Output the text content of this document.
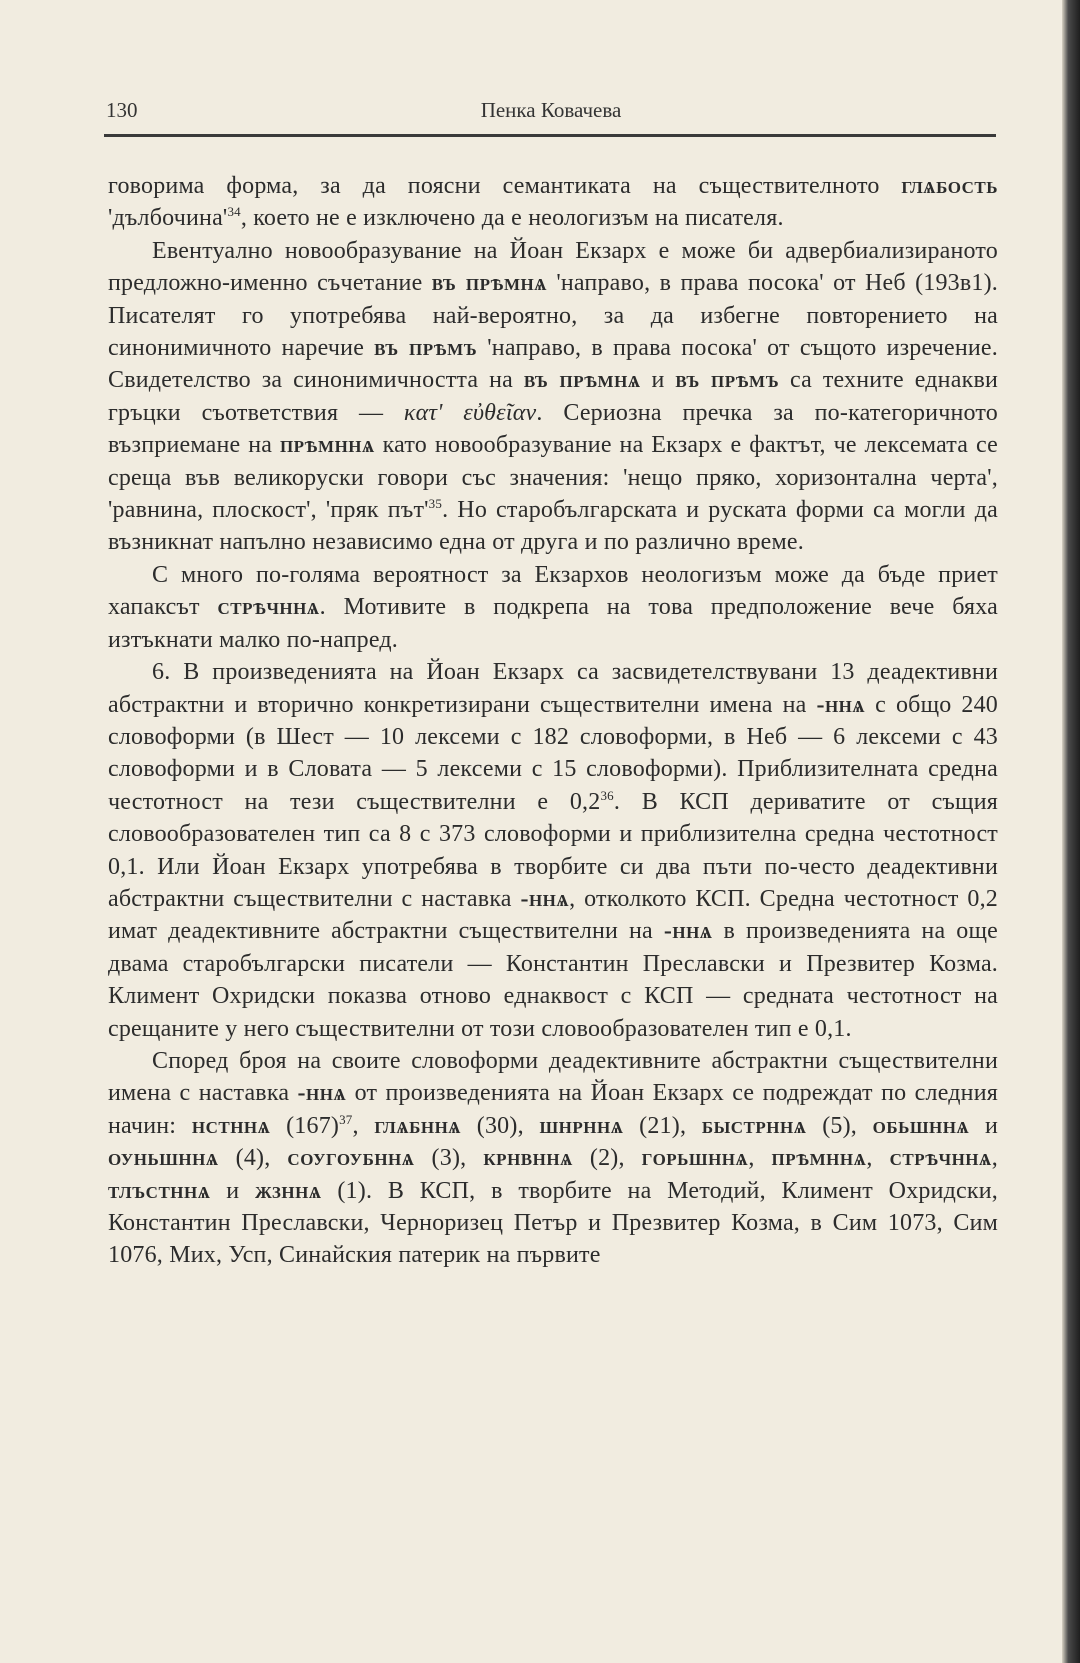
130	Пенка Ковачева

говорима форма, за да поясни семантиката на съществителното глѧбость '$дълбочина'^{34}$, което не е изключено да е неологизъм на писателя.

Евентуално новообразувание на Йоан Екзарх е може би адвербиализираното предложно-именно съчетание въ прѣмнѧ 'направо, в права посока' от Неб (193в1). Писателят го употребява най-вероятно, за да избегне повторението на синонимичното наречие въ прѣмъ 'направо, в права посока' от същото изречение. Свидетелство за синонимичността на въ прѣмнѧ и въ прѣмъ са техните еднакви гръцки съответствия — κατ' εὐθεῖαν. Сериозна пречка за по-категоричното възприемане на прѣмннѧ като новообразувание на Екзарх е фактът, че лексемата се среща във великоруски говори със значения: 'нещо пряко, хоризонтална черта', 'равнина, плоскост', 'пряк $път'^{35}$. Но старобългарската и руската форми са могли да възникнат напълно независимо една от друга и по различно време.

С много по-голяма вероятност за Екзархов неологизъм може да бъде приет хапаксът стрѣчннѧ. Мотивите в подкрепа на това предположение вече бяха изтъкнати малко по-напред.

6. В произведенията на Йоан Екзарх са засвидетелствувани 13 деадективни абстрактни и вторично конкретизирани съществителни имена на -ннѧ с общо 240 словоформи (в Шест — 10 лексеми с 182 словоформи, в Неб — 6 лексеми с 43 словоформи и в Словата — 5 лексеми с 15 словоформи). Приблизителната средна честотност на тези съществителни е $0,2^{36}$. В КСП дериватите от същия словообразователен тип са 8 с 373 словоформи и приблизителна средна честотност 0,1. Или Йоан Екзарх употребява в творбите си два пъти по-често деадективни абстрактни съществителни с наставка -ннѧ, отколкото КСП. Средна честотност 0,2 имат деадективните абстрактни съществителни на -ннѧ в произведенията на още двама старобългарски писатели — Константин Преславски и Презвитер Козма. Климент Охридски показва отново еднаквост с КСП — средната честотност на срещаните у него съществителни от този словообразователен тип е 0,1.

Според броя на своите словоформи деадективните абстрактни съществителни имена с наставка -ннѧ от произведенията на Йоан Екзарх се подреждат по следния начин: нстннѧ $(167)^{37}$, глѧбннѧ (30), шнрннѧ (21), быстрннѧ (5), обьшннѧ и оуньшннѧ (4), соугоубннѧ (3), крнвннѧ (2), горьшннѧ, прѣмннѧ, стрѣчннѧ, тлъстннѧ и жзннѧ (1). В КСП, в творбите на Методий, Климент Охридски, Константин Преславски, Черноризец Петър и Презвитер Козма, в Сим 1073, Сим 1076, Мих, Усп, Синайския патерик на първите
